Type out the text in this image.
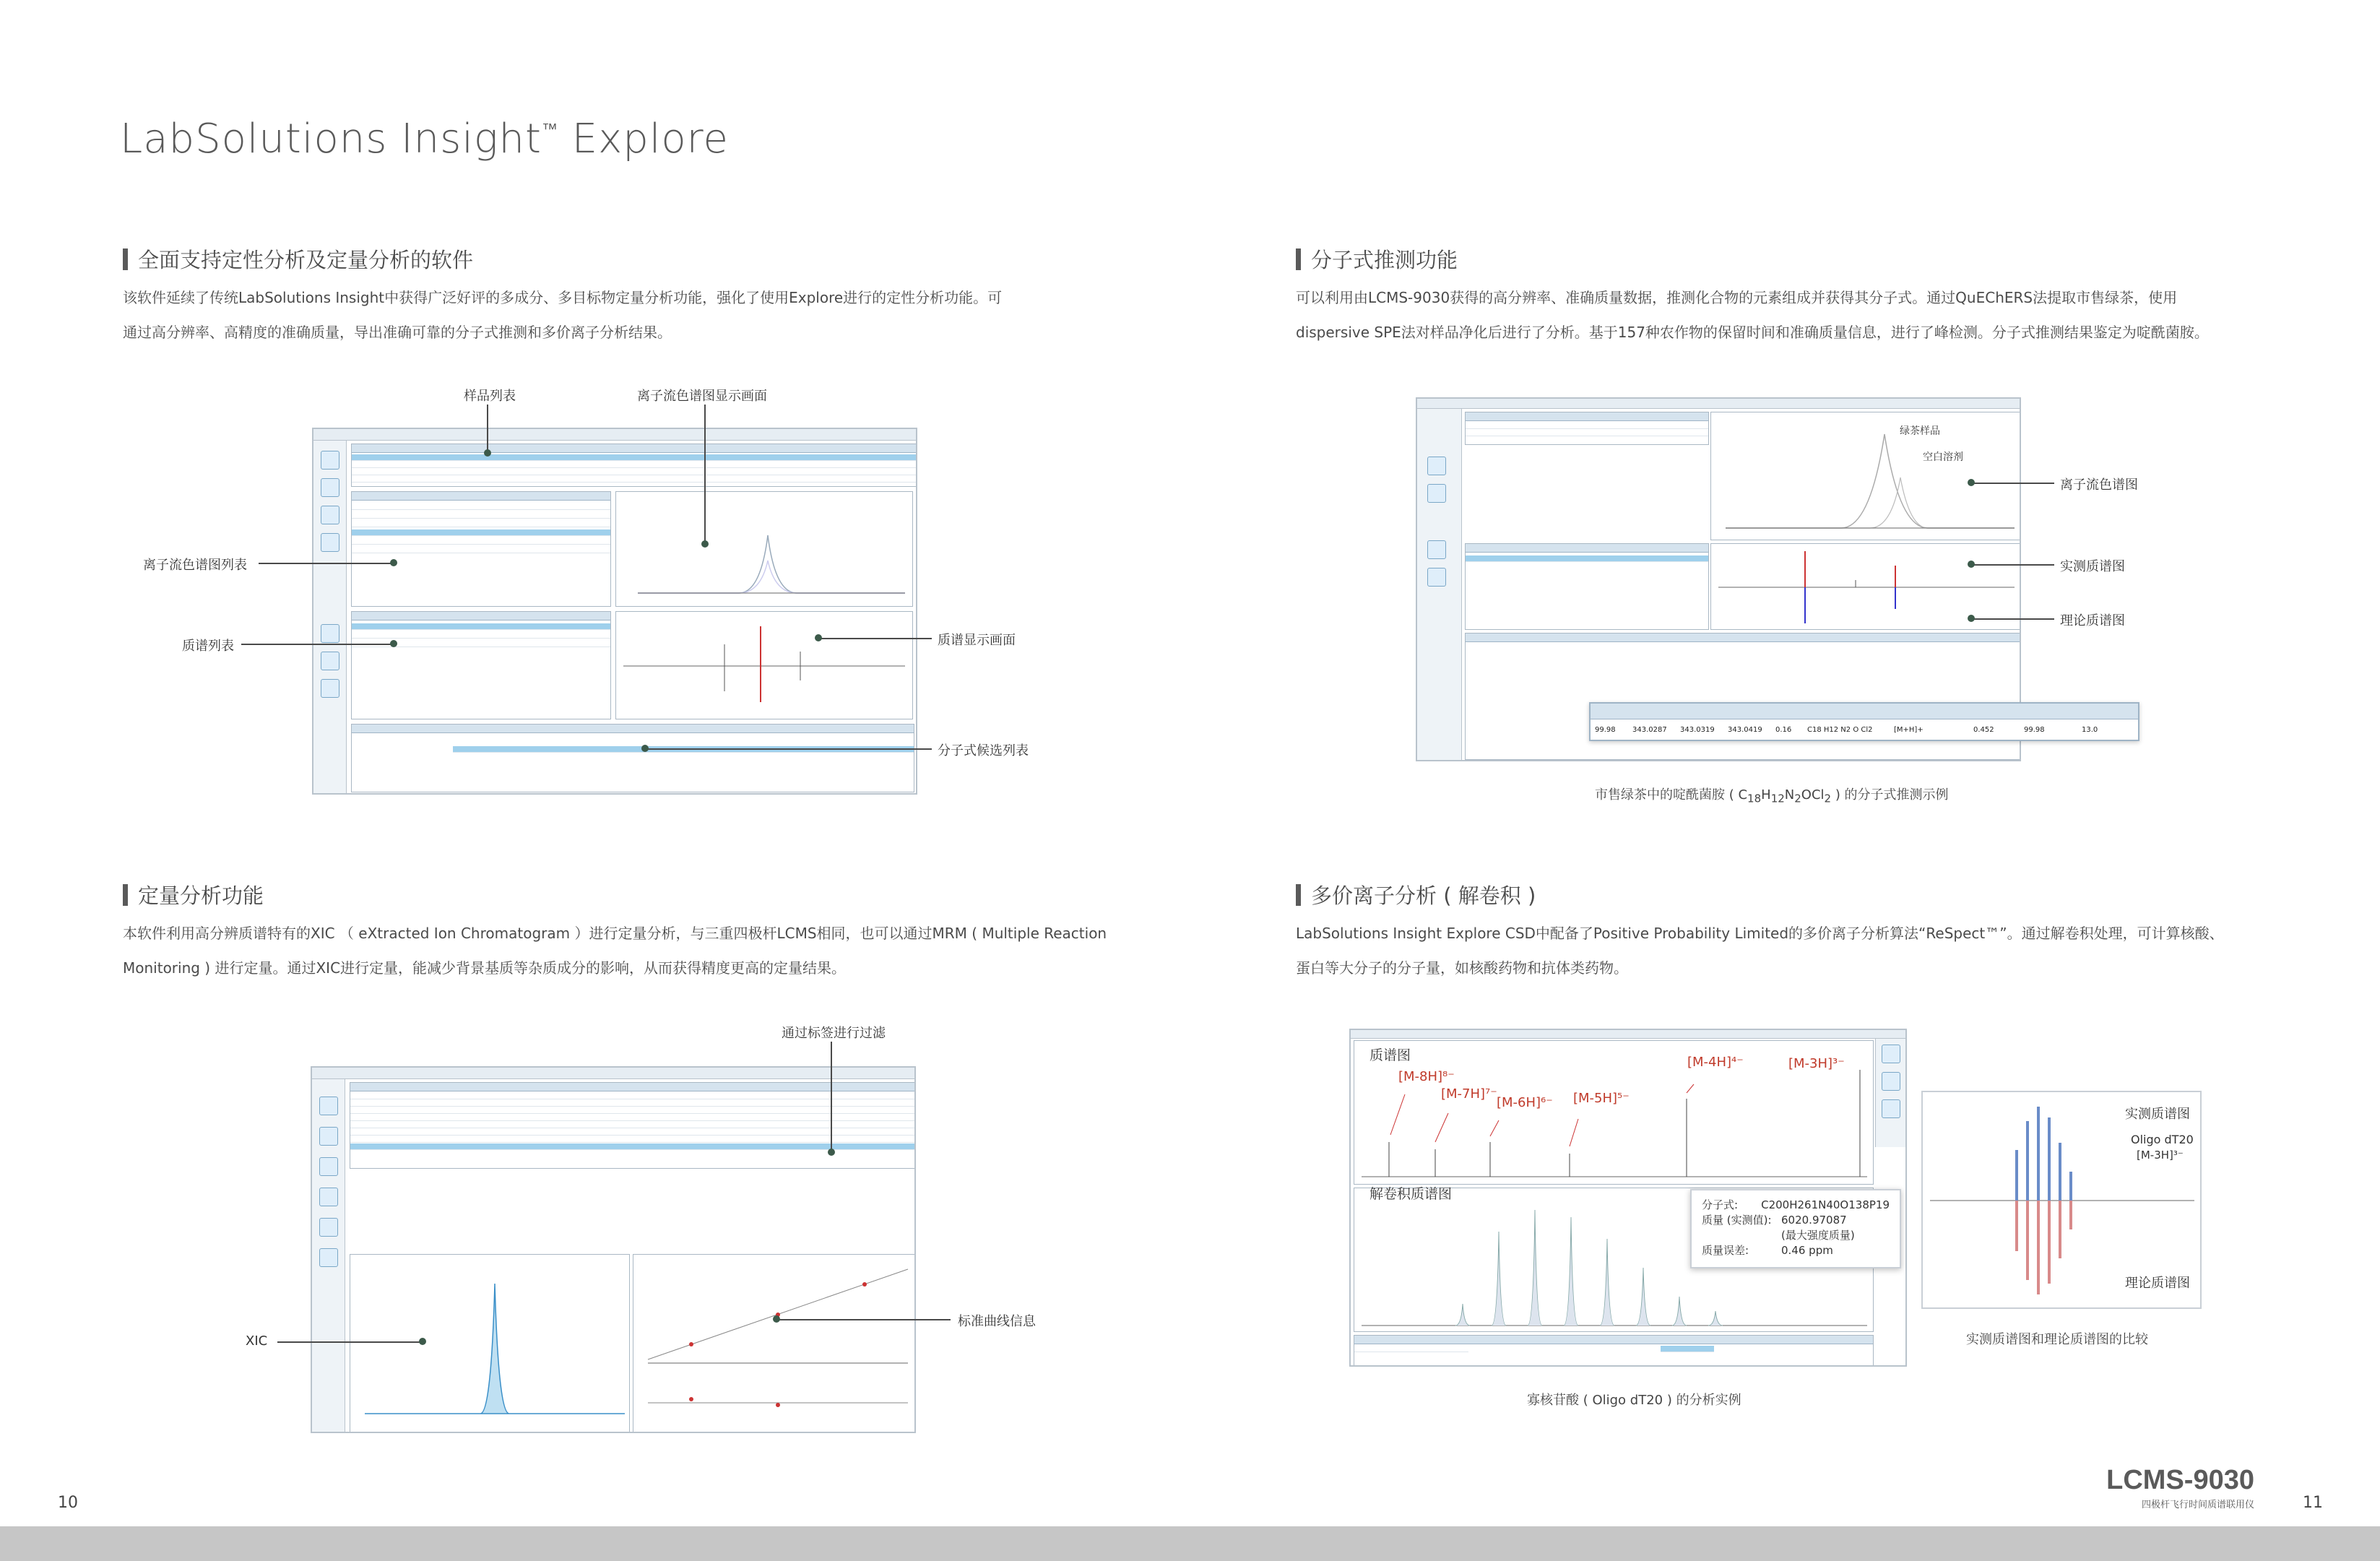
LabSolutions Insight™ Explore
全面支持定性分析及定量分析的软件
该软件延续了传统LabSolutions Insight中获得广泛好评的多成分、多目标物定量分析功能，强化了使用Explore进行的定性分析功能。可
通过高分辨率、高精度的准确质量，导出准确可靠的分子式推测和多价离子分析结果。
样品列表	离子流色谱图显示画面
离子流色谱图列表
质谱列表	质谱显示画面
分子式候选列表
分子式推测功能
可以利用由LCMS-9030获得的高分辨率、准确质量数据，推测化合物的元素组成并获得其分子式。通过QuEChERS法提取市售绿茶，使用
dispersive SPE法对样品净化后进行了分析。基于157种农作物的保留时间和准确质量信息，进行了峰检测。分子式推测结果鉴定为啶酰菌胺。
99.98	343.0287	343.0319	343.0419	0.16	C18 H12 N2 O Cl2	[M+H]+	0.452	99.98	13.0
绿茶样品
空白溶剂
离子流色谱图
实测质谱图
理论质谱图
市售绿茶中的啶酰菌胺 ( $C_{18}H_{12}N_2OCl_2$ ) 的分子式推测示例
定量分析功能
本软件利用高分辨质谱特有的XIC （ eXtracted Ion Chromatogram ）进行定量分析，与三重四极杆LCMS相同，也可以通过MRM ( Multiple Reaction
Monitoring ) 进行定量。通过XIC进行定量，能减少背景基质等杂质成分的影响，从而获得精度更高的定量结果。
通过标签进行过滤
XIC
标准曲线信息
多价离子分析 ( 解卷积 )
LabSolutions Insight Explore CSD中配备了Positive Probability Limited的多价离子分析算法“ReSpect™”。通过解卷积处理，可计算核酸、
蛋白等大分子的分子量，如核酸药物和抗体类药物。
质谱图
[M-8H]⁸⁻
[M-7H]⁷⁻
[M-6H]⁶⁻ [M-5H]⁵⁻
[M-4H]⁴⁻	[M-3H]³⁻
解卷积质谱图
分子式:	C200H261N40O138P19
质量 (实测值): 6020.97087
(最大强度质量)
质量误差:	0.46 ppm
实测质谱图
Oligo dT20
[M-3H]³⁻
理论质谱图
实测质谱图和理论质谱图的比较
寡核苷酸 ( Oligo dT20 ) 的分析实例
10	11
LCMS-9030
四极杆飞行时间质谱联用仪
